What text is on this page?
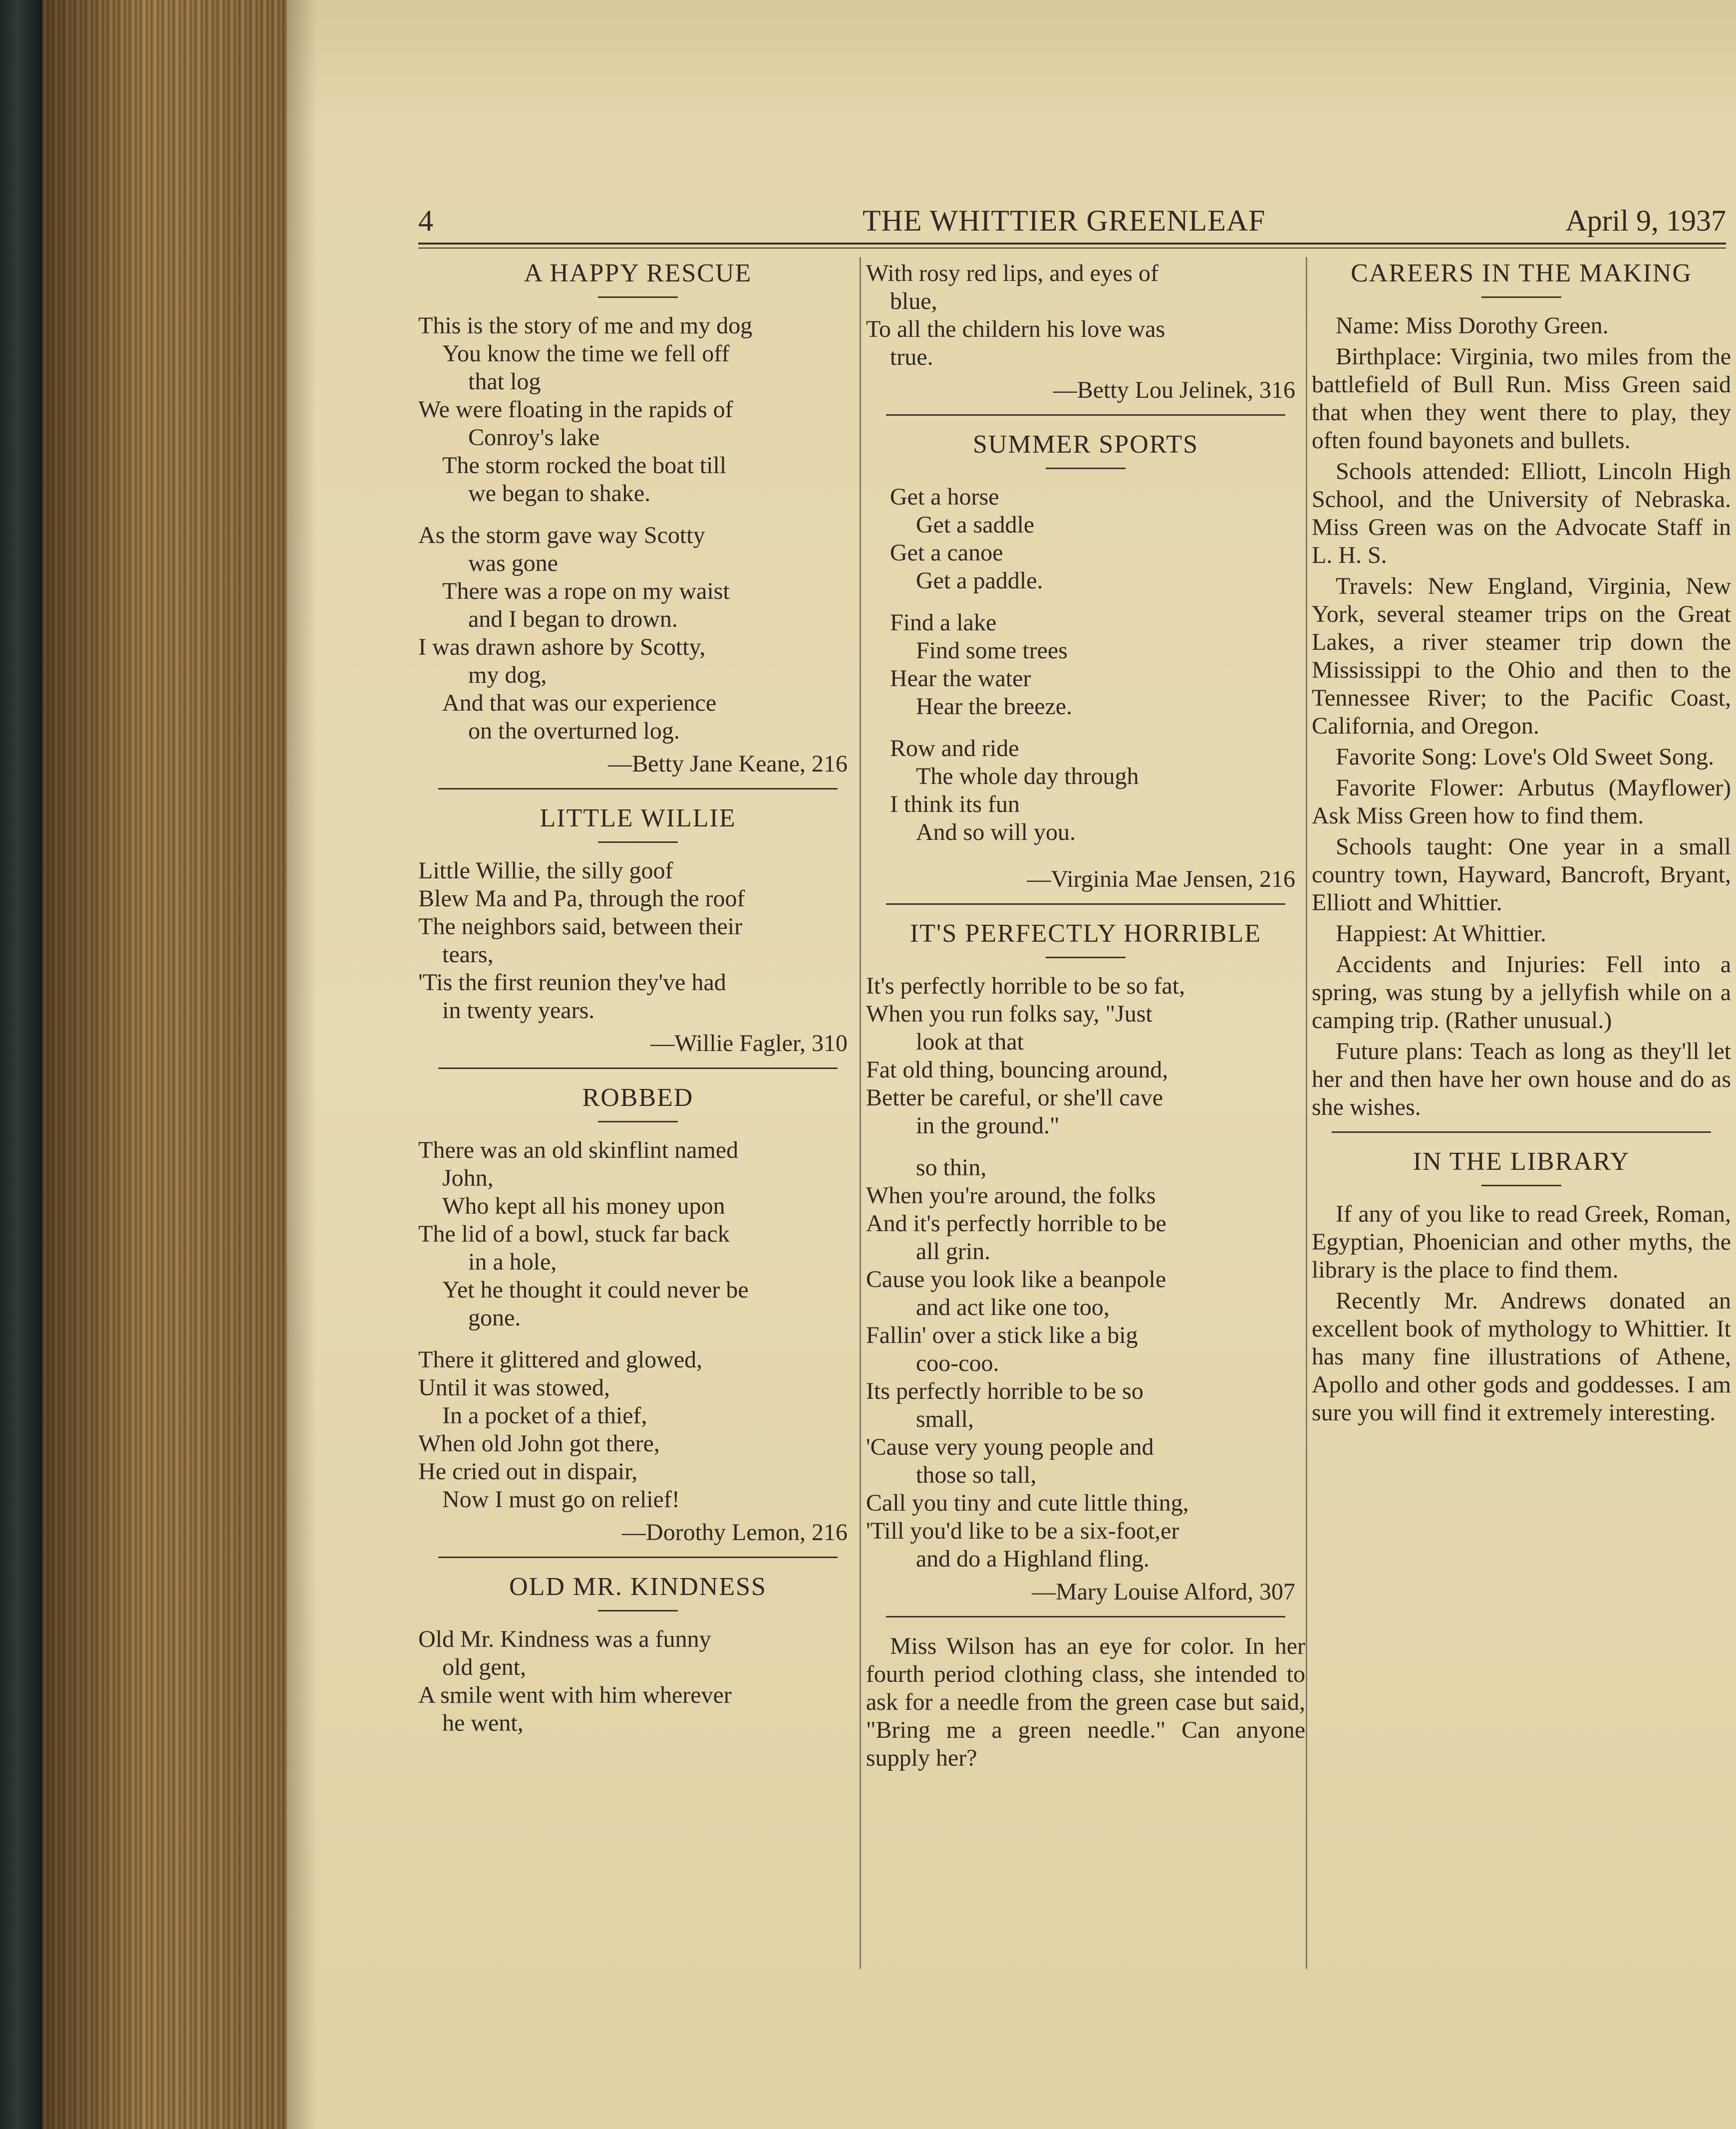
4	THE WHITTIER GREENLEAF	April 9, 1937
A HAPPY RESCUE
This is the story of me and my dog
You know the time we fell off
that log
We were floating in the rapids of
Conroy's lake
The storm rocked the boat till
we began to shake.
As the storm gave way Scotty
was gone
There was a rope on my waist
and I began to drown.
I was drawn ashore by Scotty,
my dog,
And that was our experience
on the overturned log.
—Betty Jane Keane, 216
LITTLE WILLIE
Little Willie, the silly goof
Blew Ma and Pa, through the roof
The neighbors said, between their
tears,
'Tis the first reunion they've had
in twenty years.
—Willie Fagler, 310
ROBBED
There was an old skinflint named
John,
Who kept all his money upon
The lid of a bowl, stuck far back
in a hole,
Yet he thought it could never be
gone.
There it glittered and glowed,
Until it was stowed,
In a pocket of a thief,
When old John got there,
He cried out in dispair,
Now I must go on relief!
—Dorothy Lemon, 216
OLD MR. KINDNESS
Old Mr. Kindness was a funny
old gent,
A smile went with him wherever
he went,
With rosy red lips, and eyes of
blue,
To all the childern his love was
true.
—Betty Lou Jelinek, 316
SUMMER SPORTS
Get a horse
Get a saddle
Get a canoe
Get a paddle.
Find a lake
Find some trees
Hear the water
Hear the breeze.
Row and ride
The whole day through
I think its fun
And so will you.
—Virginia Mae Jensen, 216
IT'S PERFECTLY HORRIBLE
It's perfectly horrible to be so fat,
When you run folks say, "Just
look at that
Fat old thing, bouncing around,
Better be careful, or she'll cave
in the ground."
so thin,
When you're around, the folks
And it's perfectly horrible to be
all grin.
Cause you look like a beanpole
and act like one too,
Fallin' over a stick like a big
coo-coo.
Its perfectly horrible to be so
small,
'Cause very young people and
those so tall,
Call you tiny and cute little thing,
'Till you'd like to be a six-foot,er
and do a Highland fling.
—Mary Louise Alford, 307

Miss Wilson has an eye for color. In her fourth period clothing class, she intended to ask for a needle from the green case but said, "Bring me a green needle." Can anyone supply her?

CAREERS IN THE MAKING

Name: Miss Dorothy Green.

Birthplace: Virginia, two miles from the battlefield of Bull Run. Miss Green said that when they went there to play, they often found bayonets and bullets.

Schools attended: Elliott, Lincoln High School, and the University of Nebraska. Miss Green was on the Advocate Staff in L. H. S.

Travels: New England, Virginia, New York, several steamer trips on the Great Lakes, a river steamer trip down the Mississippi to the Ohio and then to the Tennessee River; to the Pacific Coast, California, and Oregon.

Favorite Song: Love's Old Sweet Song.

Favorite Flower: Arbutus (Mayflower) Ask Miss Green how to find them.

Schools taught: One year in a small country town, Hayward, Bancroft, Bryant, Elliott and Whittier.

Happiest: At Whittier.

Accidents and Injuries: Fell into a spring, was stung by a jellyfish while on a camping trip. (Rather unusual.)

Future plans: Teach as long as they'll let her and then have her own house and do as she wishes.

IN THE LIBRARY

If any of you like to read Greek, Roman, Egyptian, Phoenician and other myths, the library is the place to find them.

Recently Mr. Andrews donated an excellent book of mythology to Whittier. It has many fine illustrations of Athene, Apollo and other gods and goddesses. I am sure you will find it extremely interesting.
